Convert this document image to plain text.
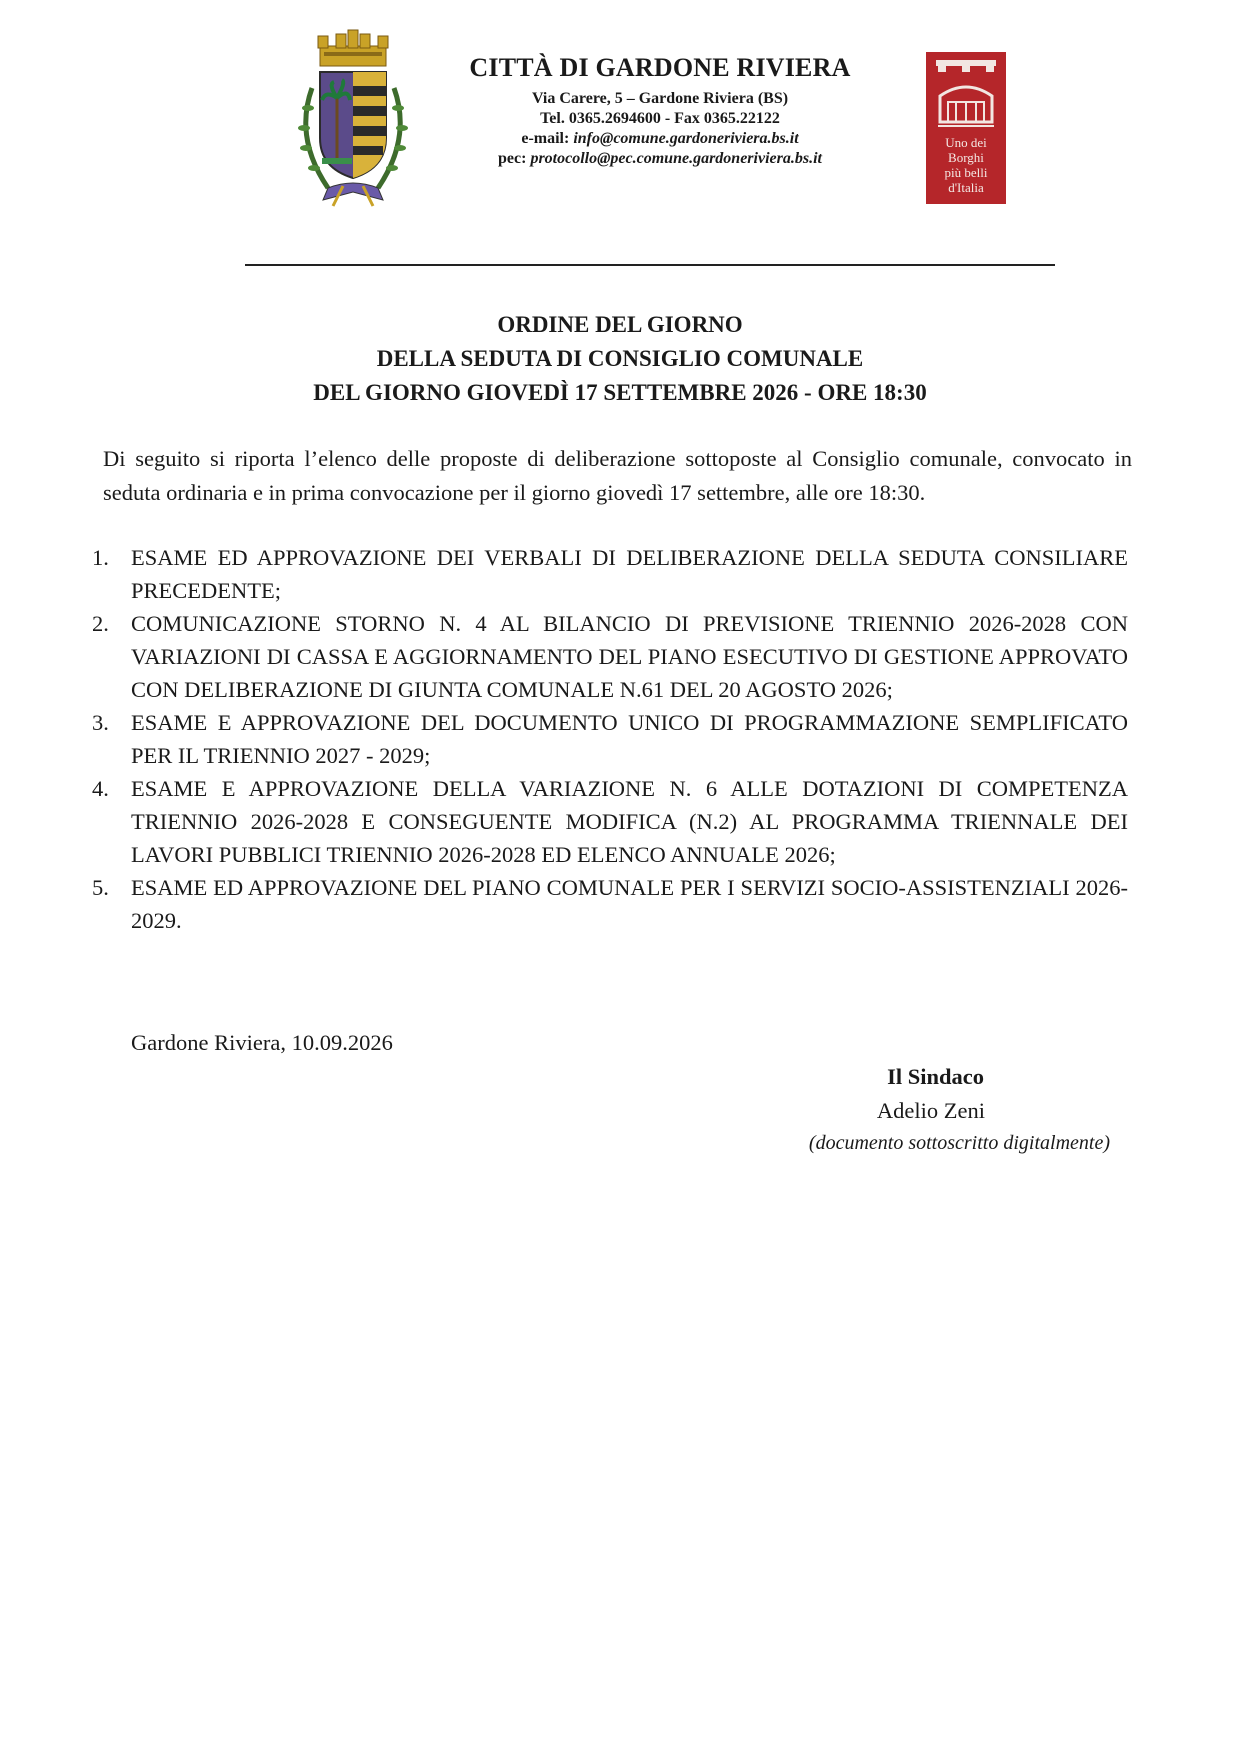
CITTÀ DI GARDONE RIVIERA
Via Carere, 5 – Gardone Riviera (BS)
Tel. 0365.2694600 - Fax 0365.22122
e-mail: info@comune.gardoneriviera.bs.it
pec: protocollo@pec.comune.gardoneriviera.bs.it
Uno dei
Borghi
più belli
d'Italia
ORDINE DEL GIORNO
DELLA SEDUTA DI CONSIGLIO COMUNALE
DEL GIORNO GIOVEDÌ 17 SETTEMBRE 2026 - ORE 18:30

Di seguito si riporta l’elenco delle proposte di deliberazione sottoposte al Consiglio comunale, convocato in seduta ordinaria e in prima convocazione per il giorno giovedì 17 settembre, alle ore 18:30.

1. ESAME ED APPROVAZIONE DEI VERBALI DI DELIBERAZIONE DELLA SEDUTA CONSILIARE PRECEDENTE;
2. COMUNICAZIONE STORNO N. 4 AL BILANCIO DI PREVISIONE TRIENNIO 2026-2028 CON VARIAZIONI DI CASSA E AGGIORNAMENTO DEL PIANO ESECUTIVO DI GESTIONE APPROVATO CON DELIBERAZIONE DI GIUNTA COMUNALE N.61 DEL 20 AGOSTO 2026;
3. ESAME E APPROVAZIONE DEL DOCUMENTO UNICO DI PROGRAMMAZIONE SEMPLIFICATO PER IL TRIENNIO 2027 - 2029;
4. ESAME E APPROVAZIONE DELLA VARIAZIONE N. 6 ALLE DOTAZIONI DI COMPETENZA TRIENNIO 2026-2028 E CONSEGUENTE MODIFICA (N.2) AL PROGRAMMA TRIENNALE DEI LAVORI PUBBLICI TRIENNIO 2026-2028 ED ELENCO ANNUALE 2026;
5. ESAME ED APPROVAZIONE DEL PIANO COMUNALE PER I SERVIZI SOCIO-ASSISTENZIALI 2026-2029.
Gardone Riviera, 10.09.2026
Il Sindaco
Adelio Zeni
(documento sottoscritto digitalmente)
